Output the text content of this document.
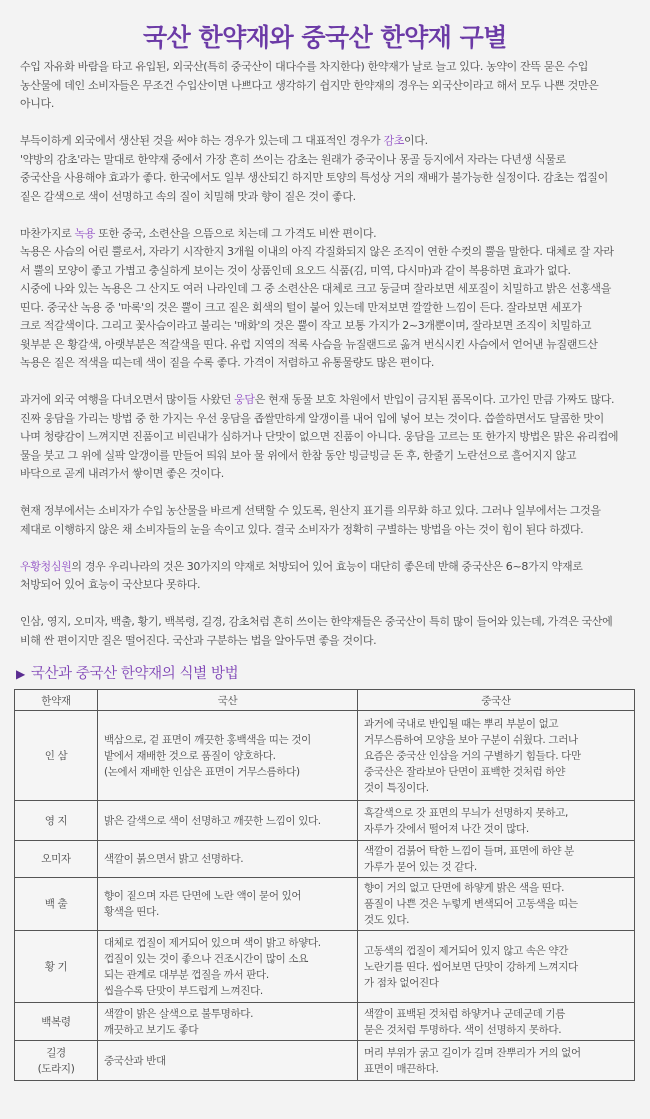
국산 한약재와 중국산 한약재 구별

수입 자유화 바람을 타고 유입된, 외국산(특히 중국산이 대다수를 차지한다) 한약재가 날로 늘고 있다. 농약이 잔뜩 묻은 수입
농산물에 데인 소비자들은 무조건 수입산이면 나쁘다고 생각하기 쉽지만 한약재의 경우는 외국산이라고 해서 모두 나쁜 것만은
아니다.

부득이하게 외국에서 생산된 것을 써야 하는 경우가 있는데 그 대표적인 경우가 감초이다.
'약방의 감초'라는 말대로 한약재 중에서 가장 흔히 쓰이는 감초는 원래가 중국이나 몽골 등지에서 자라는 다년생 식물로
중국산을 사용해야 효과가 좋다. 한국에서도 일부 생산되긴 하지만 토양의 특성상 거의 재배가 불가능한 실정이다. 감초는 껍질이
짙은 갈색으로 색이 선명하고 속의 질이 치밀해 맛과 향이 짙은 것이 좋다.

마찬가지로 녹용 또한 중국, 소련산을 으뜸으로 치는데 그 가격도 비싼 편이다.
녹용은 사슴의 어린 뿔로서, 자라기 시작한지 3개월 이내의 아직 각질화되지 않은 조직이 연한 수컷의 뿔을 말한다. 대체로 잘 자라
서 뿔의 모양이 좋고 가볍고 충실하게 보이는 것이 상품인데 요오드 식품(김, 미역, 다시마)과 같이 복용하면 효과가 없다.
시중에 나와 있는 녹용은 그 산지도 여러 나라인데 그 중 소련산은 대체로 크고 둥글며 잘라보면 세포질이 치밀하고 밝은 선홍색을
띤다. 중국산 녹용 중 '마록'의 것은 뿔이 크고 짙은 회색의 털이 붙어 있는데 만져보면 깔깔한 느낌이 든다. 잘라보면 세포가
크로 적갈색이다. 그리고 꽃사슴이라고 불리는 '매화'의 것은 뿔이 작고 보통 가지가 2~3개뿐이며, 잘라보면 조직이 치밀하고
윗부분 은 황갈색, 아랫부분은 적갈색을 띤다. 유럽 지역의 적록 사슴을 뉴질랜드로 옮겨 번식시킨 사슴에서 얻어낸 뉴질랜드산
녹용은 짙은 적색을 띠는데 색이 짙을 수록 좋다. 가격이 저렴하고 유통물량도 많은 편이다.

과거에 외국 여행을 다녀오면서 많이들 사왔던 웅담은 현재 동물 보호 차원에서 반입이 금지된 품목이다. 고가인 만큼 가짜도 많다.
진짜 웅담을 가리는 방법 중 한 가지는 우선 웅담을 좁쌀만하게 알갱이를 내어 입에 넣어 보는 것이다. 씁쓸하면서도 달콤한 맛이
나며 청량감이 느껴지면 진품이고 비린내가 심하거나 단맛이 없으면 진품이 아니다. 웅담을 고르는 또 한가지 방법은 맑은 유리컵에
물을 붓고 그 위에 실팍 알갱이를 만들어 띄워 보아 물 위에서 한참 동안 빙글빙글 돈 후, 한줄기 노란선으로 흘어지지 않고
바닥으로 곧게 내려가서 쌓이면 좋은 것이다.

현재 정부에서는 소비자가 수입 농산물을 바르게 선택할 수 있도록, 원산지 표기를 의무화 하고 있다. 그러나 일부에서는 그것을
제대로 이행하지 않은 채 소비자들의 눈을 속이고 있다. 결국 소비자가 정확히 구별하는 방법을 아는 것이 힘이 된다 하겠다.

우황청심원의 경우 우리나라의 것은 30가지의 약재로 처방되어 있어 효능이 대단히 좋은데 반해 중국산은 6~8가지 약재로
처방되어 있어 효능이 국산보다 못하다.

인삼, 영지, 오미자, 백출, 황기, 백복령, 길경, 감초처럼 흔히 쓰이는 한약재들은 중국산이 특히 많이 들어와 있는데, 가격은 국산에
비해 싼 편이지만 질은 떨어진다. 국산과 구분하는 법을 알아두면 좋을 것이다.

▶ 국산과 중국산 한약재의 식별 방법
한약재	국산	중국산
인 삼	백삼으로, 겉 표면이 깨끗한 홍백색을 띠는 것이
밭에서 재배한 것으로 품질이 양호하다.
(논에서 재배한 인삼은 표면이 거무스름하다)	과거에 국내로 반입될 때는 뿌리 부분이 없고
거무스름하여 모양을 보아 구분이 쉬웠다. 그러나
요즘은 중국산 인삼을 거의 구별하기 힘들다. 다만
중국산은 잘라보아 단면이 표백한 것처럼 하얀
것이 특징이다.
영 지	밝은 갈색으로 색이 선명하고 깨끗한 느낌이 있다.	흑갈색으로 갓 표면의 무늬가 선명하지 못하고,
자루가 갓에서 떨어져 나간 것이 많다.
오미자	색깔이 붉으면서 밝고 선명하다.	색깔이 검붉어 탁한 느낌이 들며, 표면에 하얀 분
가루가 묻어 있는 것 같다.
백 출	향이 짙으며 자른 단면에 노란 액이 묻어 있어
황색을 띤다.	향이 거의 없고 단면에 하얗게 밝은 색을 띤다.
품질이 나쁜 것은 누렇게 변색되어 고동색을 띠는
것도 있다.
황 기	대체로 껍질이 제거되어 있으며 색이 밝고 하얗다.
껍질이 있는 것이 좋으나 건조시간이 많이 소요
되는 관계로 대부분 껍질을 까서 판다.
씹을수록 단맛이 부드럽게 느껴진다.	고동색의 껍질이 제거되어 있지 않고 속은 약간
노란기를 띤다. 씹어보면 단맛이 강하게 느껴지다
가 점차 없어진다
백복령	색깔이 밝은 살색으로 불투명하다.
깨끗하고 보기도 좋다	색깔이 표백된 것처럼 하얗거나 군데군데 기름
묻은 것처럼 투명하다. 색이 선명하지 못하다.
길경
(도라지)	중국산과 반대	머리 부위가 굵고 길이가 길며 잔뿌리가 거의 없어
표면이 매끈하다.
